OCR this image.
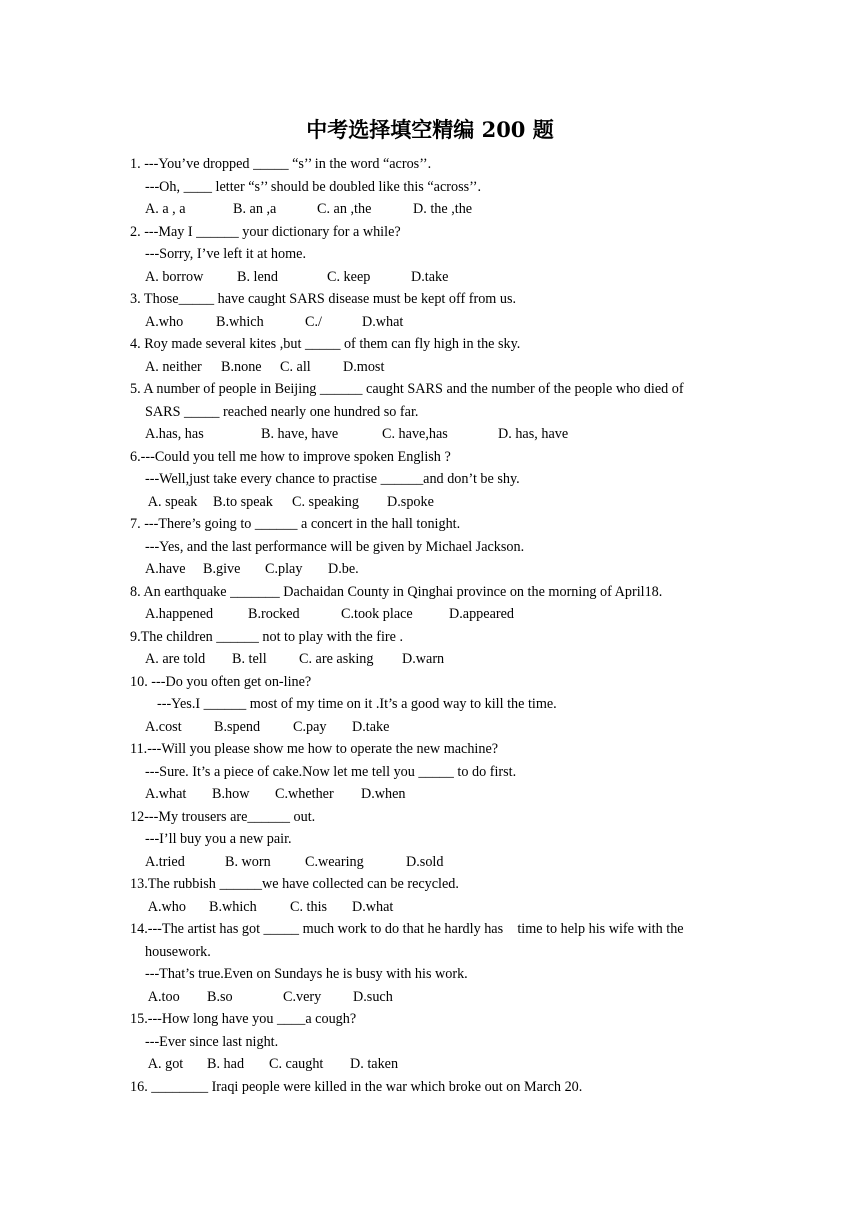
中考选择填空精编 200 题
1. ---You’ve dropped _____ “s’’ in the word “acros’’.
---Oh, ____ letter “s’’ should be doubled like this “across’’.
A. a , a	B. an ,a	C. an ,the	D. the ,the
2. ---May I ______ your dictionary for a while?
---Sorry, I’ve left it at home.
A. borrow B. lend	C. keep	D.take
3. Those_____ have caught SARS disease must be kept off from us.
A.who B.which	C./	D.what
4. Roy made several kites ,but _____ of them can fly high in the sky.
A. neither B.none C. all D.most
5. A number of people in Beijing ______ caught SARS and the number of the people who died of
SARS _____ reached nearly one hundred so far.
A.has, has	B. have, have	C. have,has	D. has, have
6.---Could you tell me how to improve spoken English ?
---Well,just take every chance to practise ______and don’t be shy.
A. speak B.to speak C. speaking D.spoke
7. ---There’s going to ______ a concert in the hall tonight.
---Yes, and the last performance will be given by Michael Jackson.
A.have B.give C.play D.be.
8. An earthquake _______ Dachaidan County in Qinghai province on the morning of April18.
A.happened B.rocked	C.took place	D.appeared
9.The children ______ not to play with the fire .
A. are told B. tell C. are asking D.warn
10. ---Do you often get on-line?
---Yes.I ______ most of my time on it .It’s a good way to kill the time.
A.cost B.spend C.pay D.take
11.---Will you please show me how to operate the new machine?
---Sure. It’s a piece of cake.Now let me tell you _____ to do first.
A.what B.how C.whether D.when
12---My trousers are______ out.
---I’ll buy you a new pair.
A.tried	B. worn C.wearing	D.sold
13.The rubbish ______we have collected can be recycled.
A.who B.which C. this D.what
14.---The artist has got _____ much work to do that he hardly has    time to help his wife with the
housework.
---That’s true.Even on Sundays he is busy with his work.
A.too B.so	C.very D.such
15.---How long have you ____a cough?
---Ever since last night.
A. got B. had C. caught D. taken
16. ________ Iraqi people were killed in the war which broke out on March 20.
